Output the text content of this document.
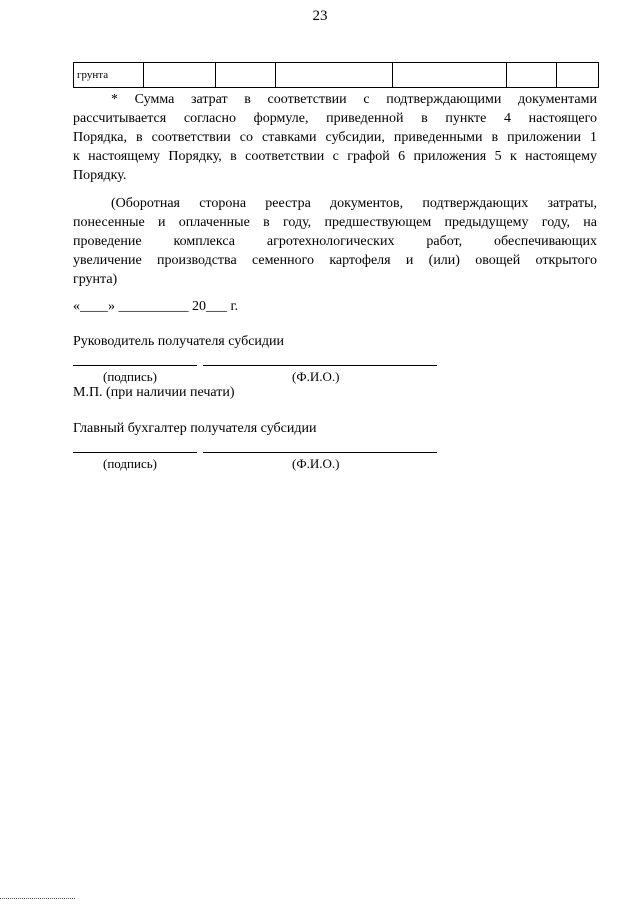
23
грунта						
* Сумма затрат в соответствии с подтверждающими документами
рассчитывается согласно формуле, приведенной в пункте 4 настоящего
Порядка, в соответствии со ставками субсидии, приведенными в приложении 1
к настоящему Порядку, в соответствии с графой 6 приложения 5 к настоящему
Порядку.
(Оборотная сторона реестра документов, подтверждающих затраты,
понесенные и оплаченные в году, предшествующем предыдущему году, на
проведение комплекса агротехнологических работ, обеспечивающих
увеличение производства семенного картофеля и (или) овощей открытого
грунта)
«____» __________ 20___ г.
Руководитель получателя субсидии
(подпись)	(Ф.И.О.)
М.П. (при наличии печати)
Главный бухгалтер получателя субсидии
(подпись)	(Ф.И.О.)
